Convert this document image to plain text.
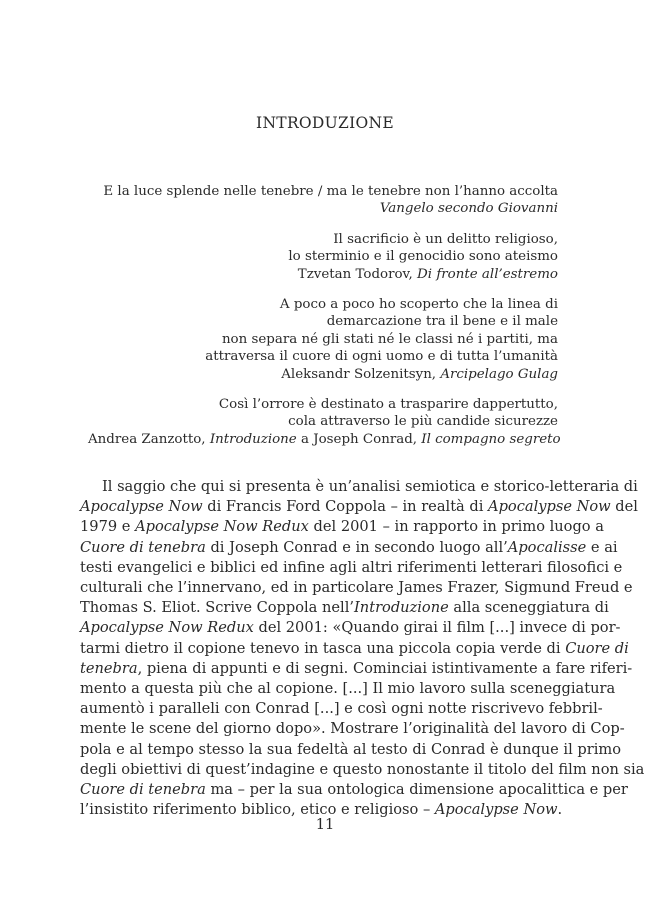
INTRODUZIONE
E la luce splende nelle tenebre / ma le tenebre non l’hanno accolta
Vangelo secondo Giovanni
Il sacrificio è un delitto religioso,
lo sterminio e il genocidio sono ateismo
Tzvetan Todorov, Di fronte all’estremo
A poco a poco ho scoperto che la linea di
demarcazione tra il bene e il male
non separa né gli stati né le classi né i partiti, ma
attraversa il cuore di ogni uomo e di tutta l’umanità
Aleksandr Solzenitsyn, Arcipelago Gulag
Così l’orrore è destinato a trasparire dappertutto,
cola attraverso le più candide sicurezze
Andrea Zanzotto, Introduzione a Joseph Conrad, Il compagno segreto
Il saggio che qui si presenta è un’analisi semiotica e storico-letteraria di
Apocalypse Now di Francis Ford Coppola – in realtà di Apocalypse Now del
1979 e Apocalypse Now Redux del 2001 – in rapporto in primo luogo a
Cuore di tenebra di Joseph Conrad e in secondo luogo all’Apocalisse e ai
testi evangelici e biblici ed infine agli altri riferimenti letterari filosofici e
culturali che l’innervano, ed in particolare James Frazer, Sigmund Freud e
Thomas S. Eliot. Scrive Coppola nell’Introduzione alla sceneggiatura di
Apocalypse Now Redux del 2001: «Quando girai il film [...] invece di por-
tarmi dietro il copione tenevo in tasca una piccola copia verde di Cuore di
tenebra, piena di appunti e di segni. Cominciai istintivamente a fare riferi-
mento a questa più che al copione. [...] Il mio lavoro sulla sceneggiatura
aumentò i paralleli con Conrad [...] e così ogni notte riscrivevo febbril-
mente le scene del giorno dopo». Mostrare l’originalità del lavoro di Cop-
pola e al tempo stesso la sua fedeltà al testo di Conrad è dunque il primo
degli obiettivi di quest’indagine e questo nonostante il titolo del film non sia
Cuore di tenebra ma – per la sua ontologica dimensione apocalittica e per
l’insistito riferimento biblico, etico e religioso – Apocalypse Now.
11
